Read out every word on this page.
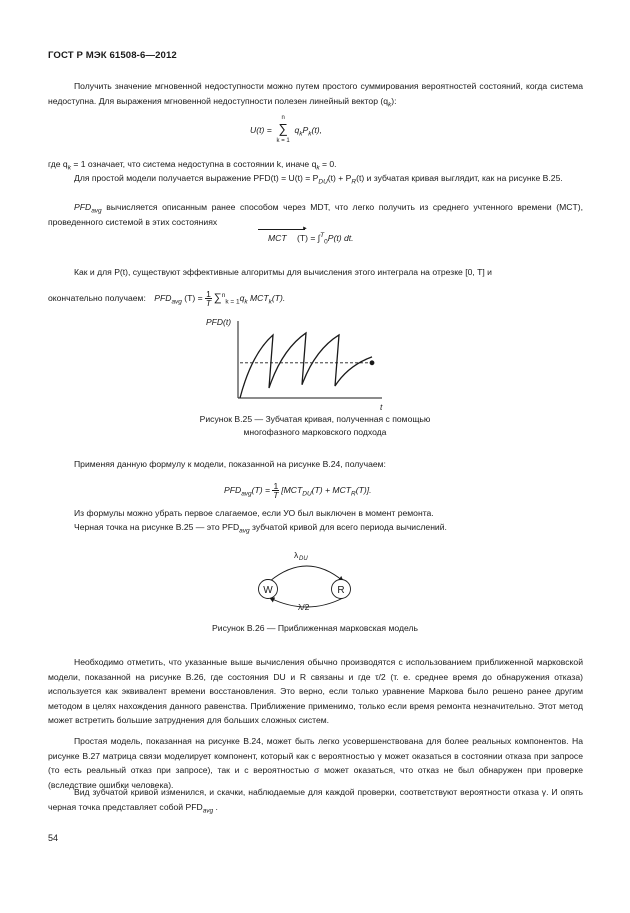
ГОСТ Р МЭК 61508-6—2012
Получить значение мгновенной недоступности можно путем простого суммирования вероятностей состояний, когда система недоступна. Для выражения мгновенной недоступности полезен линейный вектор $(q_k)$:
U(t) =
n
∑
k = 1
$q_kP_k(t)$,
где $q_k = 1$ означает, что система недоступна в состоянии k, иначе $q_k = 0$.
Для простой модели получается выражение $PFD(t) = U(t) = P_{DU}(t) + P_R(t)$ и зубчатая кривая выглядит, как на рисунке В.25.
$PFD_{avg}$ вычисляется описанным ранее способом через MDT, что легко получить из среднего учтенного времени (MCT), проведенного системой в этих состояниях
►
MCT (T) = ∫$^T_0$P(t) dt.
Как и для P(t), существуют эффективные алгоритмы для вычисления этого интеграла на отрезке [0, T] и
окончательно получаем: $PFD_{avg}$ $(T) = \frac{1}{T} \sum^n_{k = 1}q_k$ $MCT_k(T)$.
PFD(t)
t
Рисунок В.25 — Зубчатая кривая, полученная с помощью
многофазного марковского подхода
Применяя данную формулу к модели, показанной на рисунке В.24, получаем:
$PFD_{avg}(T) = \frac{1}{T} [MCT_{DU}(T) + MCT_R(T)]$.
Из формулы можно убрать первое слагаемое, если УО был выключен в момент ремонта.
Черная точка на рисунке В.25 — это $PFD_{avg}$ зубчатой кривой для всего периода вычислений.
W	R
λ DU
λ/2
Рисунок В.26 — Приближенная марковская модель
Необходимо отметить, что указанные выше вычисления обычно производятся с использованием приближенной марковской модели, показанной на рисунке В.26, где состояния DU и R связаны и где τ/2 (т. е. среднее время до обнаружения отказа) используется как эквивалент времени восстановления. Это верно, если только уравнение Маркова было решено ранее другим методом в целях нахождения данного равенства. Приближение применимо, только если время ремонта незначительно. Этот метод может встретить большие затруднения для больших сложных систем.
Простая модель, показанная на рисунке В.24, может быть легко усовершенствована для более реальных компонентов. На рисунке В.27 матрица связи моделирует компонент, который как с вероятностью γ может оказаться в состоянии отказа при запросе (то есть реальный отказ при запросе), так и с вероятностью σ может оказаться, что отказ не был обнаружен при проверке (вследствие ошибки человека).
Вид зубчатой кривой изменился, и скачки, наблюдаемые для каждой проверки, соответствуют вероятности отказа γ. И опять черная точка представляет собой $PFD_{avg}$ .
54
